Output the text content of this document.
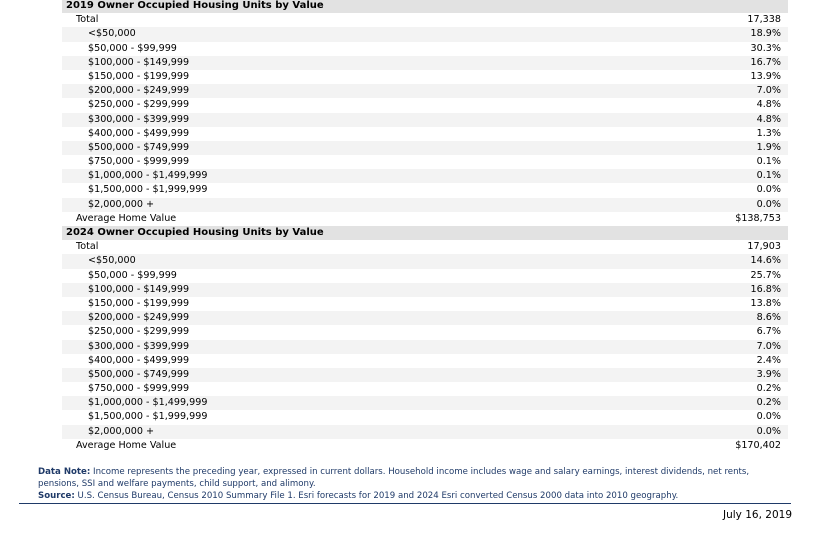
2019 Owner Occupied Housing Units by Value
Total	17,338
<$50,000	18.9%
$50,000 - $99,999	30.3%
$100,000 - $149,999	16.7%
$150,000 - $199,999	13.9%
$200,000 - $249,999	7.0%
$250,000 - $299,999	4.8%
$300,000 - $399,999	4.8%
$400,000 - $499,999	1.3%
$500,000 - $749,999	1.9%
$750,000 - $999,999	0.1%
$1,000,000 - $1,499,999	0.1%
$1,500,000 - $1,999,999	0.0%
$2,000,000 +	0.0%
Average Home Value	$138,753
2024 Owner Occupied Housing Units by Value
Total	17,903
<$50,000	14.6%
$50,000 - $99,999	25.7%
$100,000 - $149,999	16.8%
$150,000 - $199,999	13.8%
$200,000 - $249,999	8.6%
$250,000 - $299,999	6.7%
$300,000 - $399,999	7.0%
$400,000 - $499,999	2.4%
$500,000 - $749,999	3.9%
$750,000 - $999,999	0.2%
$1,000,000 - $1,499,999	0.2%
$1,500,000 - $1,999,999	0.0%
$2,000,000 +	0.0%
Average Home Value	$170,402
Data Note: Income represents the preceding year, expressed in current dollars. Household income includes wage and salary earnings, interest dividends, net rents, pensions, SSI and welfare payments, child support, and alimony.
Source: U.S. Census Bureau, Census 2010 Summary File 1. Esri forecasts for 2019 and 2024 Esri converted Census 2000 data into 2010 geography.
July 16, 2019
